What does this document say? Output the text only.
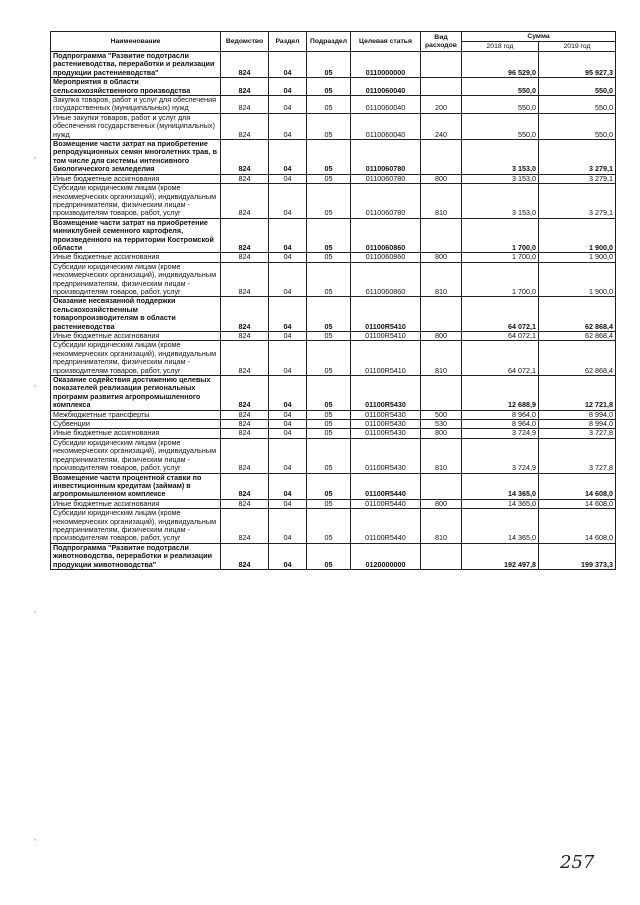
Наименование	Ведомство	Раздел	Подраздел	Целевая статья	Вид расходов	Сумма	
						2018 год	2019 год
Подпрограмма "Развитие подотрасли растениеводства, переработки и реализации продукции растениеводства"	824	04	05	0110000000		96 529,0	95 927,3
Мероприятия в области сельскохозяйственного производства	824	04	05	0110060040		550,0	550,0
Закупка товаров, работ и услуг для обеспечения государственных (муниципальных) нужд	824	04	05	0110060040	200	550,0	550,0
Иные закупки товаров, работ и услуг для обеспечения государственных (муниципальных) нужд	824	04	05	0110060040	240	550,0	550,0
Возмещение части затрат на приобретение репродукционных семян многолетних трав, в том числе для системы интенсивного биологического земледелия	824	04	05	0110060780		3 153,0	3 279,1
Иные бюджетные ассигнования	824	04	05	0110060780	800	3 153,0	3 279,1
Субсидии юридическим лицам (кроме некоммерческих организаций), индивидуальным предпринимателям, физическим лицам - производителям товаров, работ, услуг	824	04	05	0110060780	810	3 153,0	3 279,1
Возмещение части затрат на приобретение миниклубней семенного картофеля, произведенного на территории Костромской области	824	04	05	0110060860		1 700,0	1 900,0
Иные бюджетные ассигнования	824	04	05	0110060860	800	1 700,0	1 900,0
Субсидии юридическим лицам (кроме некоммерческих организаций), индивидуальным предпринимателям, физическим лицам - производителям товаров, работ, услуг	824	04	05	0110060860	810	1 700,0	1 900,0
Оказание несвязанной поддержки сельскохозяйственным товаропроизводителям в области растениеводства	824	04	05	01100R5410		64 072,1	62 868,4
Иные бюджетные ассигнования	824	04	05	01100R5410	800	64 072,1	62 868,4
Субсидии юридическим лицам (кроме некоммерческих организаций), индивидуальным предпринимателям, физическим лицам - производителям товаров, работ, услуг	824	04	05	01100R5410	810	64 072,1	62 868,4
Оказание содействия достижению целевых показателей реализации региональных программ развития агропромышленного комплекса	824	04	05	01100R5430		12 688,9	12 721,8
Межбюджетные трансферты	824	04	05	01100R5430	500	8 964,0	8 994,0
Субвенции	824	04	05	01100R5430	530	8 964,0	8 994,0
Иные бюджетные ассигнования	824	04	05	01100R5430	800	3 724,9	3 727,8
Субсидии юридическим лицам (кроме некоммерческих организаций), индивидуальным предпринимателям, физическим лицам - производителям товаров, работ, услуг	824	04	05	01100R5430	810	3 724,9	3 727,8
Возмещение части процентной ставки по инвестиционным кредитам (займам) в агропромышленном комплексе	824	04	05	01100R5440		14 365,0	14 608,0
Иные бюджетные ассигнования	824	04	05	01100R5440	800	14 365,0	14 608,0
Субсидии юридическим лицам (кроме некоммерческих организаций), индивидуальным предпринимателям, физическим лицам - производителям товаров, работ, услуг	824	04	05	01100R5440	810	14 365,0	14 608,0
Подпрограмма "Развитие подотрасли животноводства, переработки и реализации продукции животноводства"	824	04	05	0120000000		192 497,8	199 373,3
ˎ
ˎ
ˎ
ˎ
257
